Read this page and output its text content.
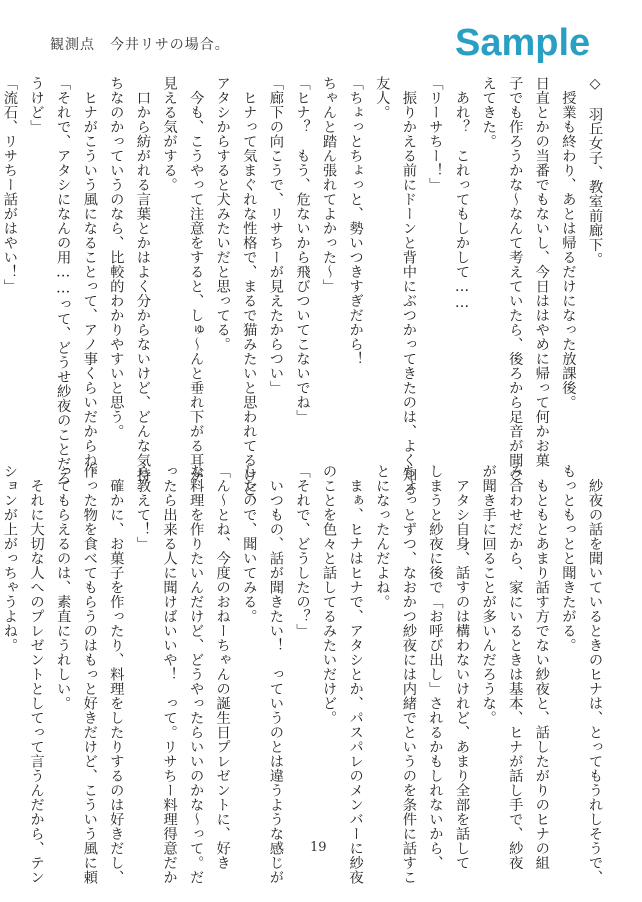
観測点　今井リサの場合。	Sample
◇　羽丘女子、教室前廊下。
　授業も終わり、あとは帰るだけになった放課後。
日直とかの当番でもないし、今日ははやめに帰って何かお菓
子でも作ろうかな〜なんて考えていたら、後ろから足音が聞こ
えてきた。
　あれ？　これってもしかして……
「リーサちー！」
　振りかえる前にドーンと背中にぶつかってきたのは、よく知る
友人。
「ちょっとちょっと、勢いつきすぎだから！
ちゃんと踏ん張れてよかった〜」
「ヒナ？　もう、危ないから飛びついてこないでね」
「廊下の向こうで、リサちーが見えたからつい」
　ヒナって気まぐれな性格で、まるで猫みたいと思われてるけど、
アタシからすると犬みたいだと思ってる。
　今も、こうやって注意をすると、しゅ〜んと垂れ下がる耳が
見える気がする。
　口から紡がれる言葉とかはよく分からないけど、どんな気持
ちなのかっていうのなら、比較的わかりやすいと思う。
　ヒナがこういう風になることって、アノ事くらいだからね。
「それで、アタシになんの用……って、どうせ紗夜のことだろ
うけど」
「流石、リサちー話がはやい！」
　紗夜の話を聞いているときのヒナは、とってもうれしそうで、
もっともっとと聞きたがる。
　もともとあまり話す方でない紗夜と、話したがりのヒナの組
み合わせだから、家にいるときは基本、ヒナが話し手で、紗夜
が聞き手に回ることが多いんだろうな。
　アタシ自身、話すのは構わないけれど、あまり全部を話して
しまうと紗夜に後で「お呼び出し」されるかもしれないから、
ちょっとずつ、なおかつ紗夜には内緒でというのを条件に話すこ
とになったんだよね。
　まぁ、ヒナはヒナで、アタシとか、パスパレのメンバーに紗夜
のことを色々と話してるみたいだけど。
「それで、どうしたの？」
　いつもの、話が聞きたい！　っていうのとは違うような感じが
したので、聞いてみる。
「ん〜とね、今度のおねーちゃんの誕生日プレゼントに、好き
な料理を作りたいんだけど、どうやったらいいのかな〜って。だ
ったら出来る人に聞けばいいや！　って。リサちー料理得意だか
ら教えて！」
　確かに、お菓子を作ったり、料理をしたりするのは好きだし、
作った物を食べてもらうのはもっと好きだけど、こういう風に頼
ってもらえるのは、素直にうれしい。
　それに大切な人へのプレゼントとしてって言うんだから、テン
ションが上がっちゃうよね。
19
